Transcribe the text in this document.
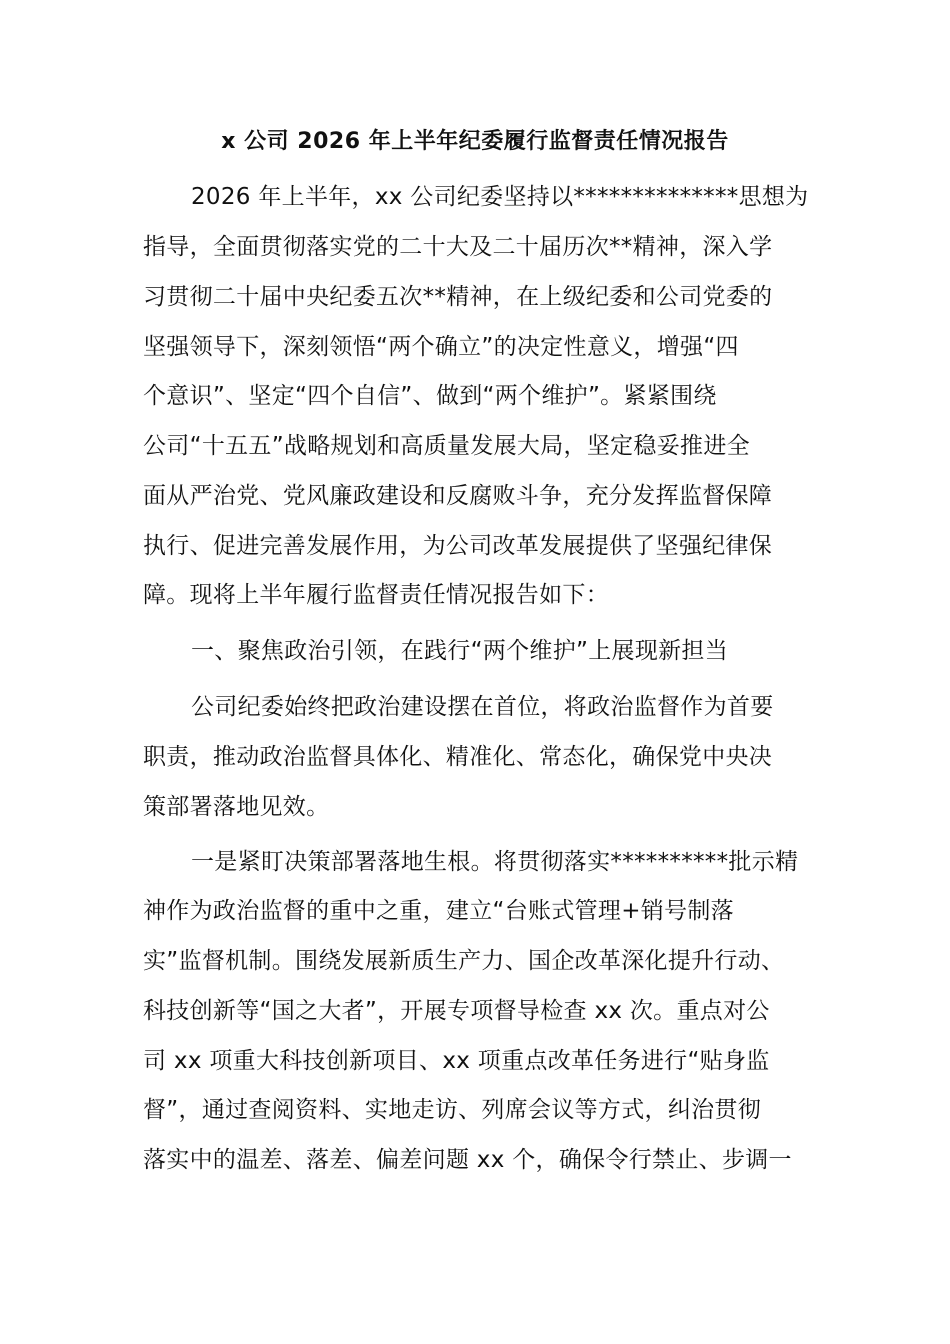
x 公司 2026 年上半年纪委履行监督责任情况报告
2026 年上半年，xx 公司纪委坚持以**************思想为
指导，全面贯彻落实党的二十大及二十届历次**精神，深入学
习贯彻二十届中央纪委五次**精神，在上级纪委和公司党委的
坚强领导下，深刻领悟“两个确立”的决定性意义，增强“四
个意识”、坚定“四个自信”、做到“两个维护”。紧紧围绕
公司“十五五”战略规划和高质量发展大局，坚定稳妥推进全
面从严治党、党风廉政建设和反腐败斗争，充分发挥监督保障
执行、促进完善发展作用，为公司改革发展提供了坚强纪律保
障。现将上半年履行监督责任情况报告如下：
一、聚焦政治引领，在践行“两个维护”上展现新担当
公司纪委始终把政治建设摆在首位，将政治监督作为首要
职责，推动政治监督具体化、精准化、常态化，确保党中央决
策部署落地见效。
一是紧盯决策部署落地生根。将贯彻落实**********批示精
神作为政治监督的重中之重，建立“台账式管理+销号制落
实”监督机制。围绕发展新质生产力、国企改革深化提升行动、
科技创新等“国之大者”，开展专项督导检查 xx 次。重点对公
司 xx 项重大科技创新项目、xx 项重点改革任务进行“贴身监
督”，通过查阅资料、实地走访、列席会议等方式，纠治贯彻
落实中的温差、落差、偏差问题 xx 个，确保令行禁止、步调一
